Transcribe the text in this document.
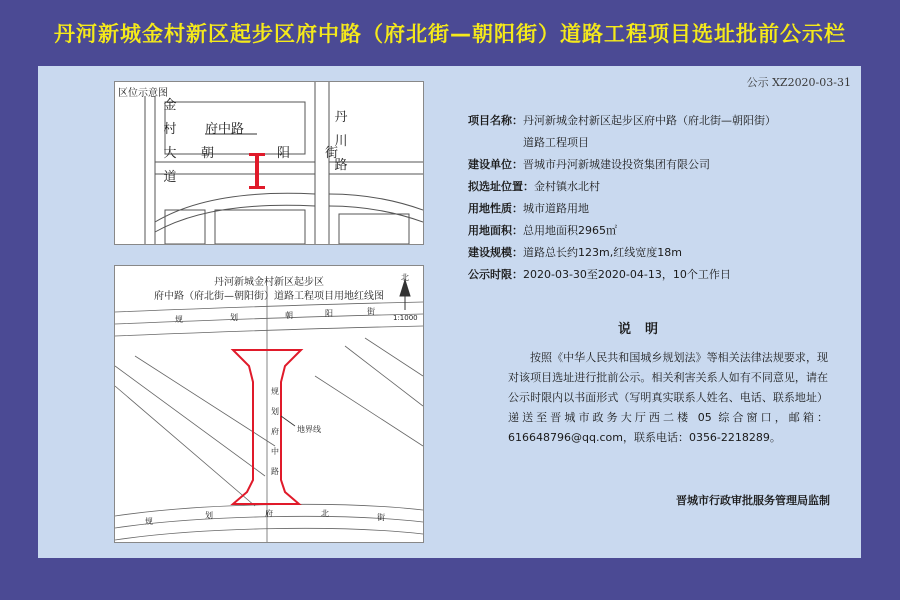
丹河新城金村新区起步区府中路（府北街—朝阳街）道路工程项目选址批前公示栏
公示 XZ2020-03-31
区位示意图
府中路
金村大道
朝	阳	街
丹川路
丹河新城金村新区起步区
府中路（府北街—朝阳街）道路工程项目用地红线图
北
1:1000
地界线
规	划	朝	阳	街
规
划	府	北	街
规
划
府
中
路
项目名称： 丹河新城金村新区起步区府中路（府北街—朝阳街）道路工程项目
建设单位： 晋城市丹河新城建设投资集团有限公司
拟选址位置： 金村镇水北村
用地性质： 城市道路用地
用地面积： 总用地面积2965㎡
建设规模： 道路总长约123m,红线宽度18m
公示时限： 2020-03-30至2020-04-13，10个工作日
说明
按照《中华人民共和国城乡规划法》等相关法律法规要求，现对该项目选址进行批前公示。相关利害关系人如有不同意见，请在公示时限内以书面形式（写明真实联系人姓名、电话、联系地址）递送至晋城市政务大厅西二楼 05 综合窗口，邮箱：616648796@qq.com，联系电话：0356-2218289。
晋城市行政审批服务管理局监制
